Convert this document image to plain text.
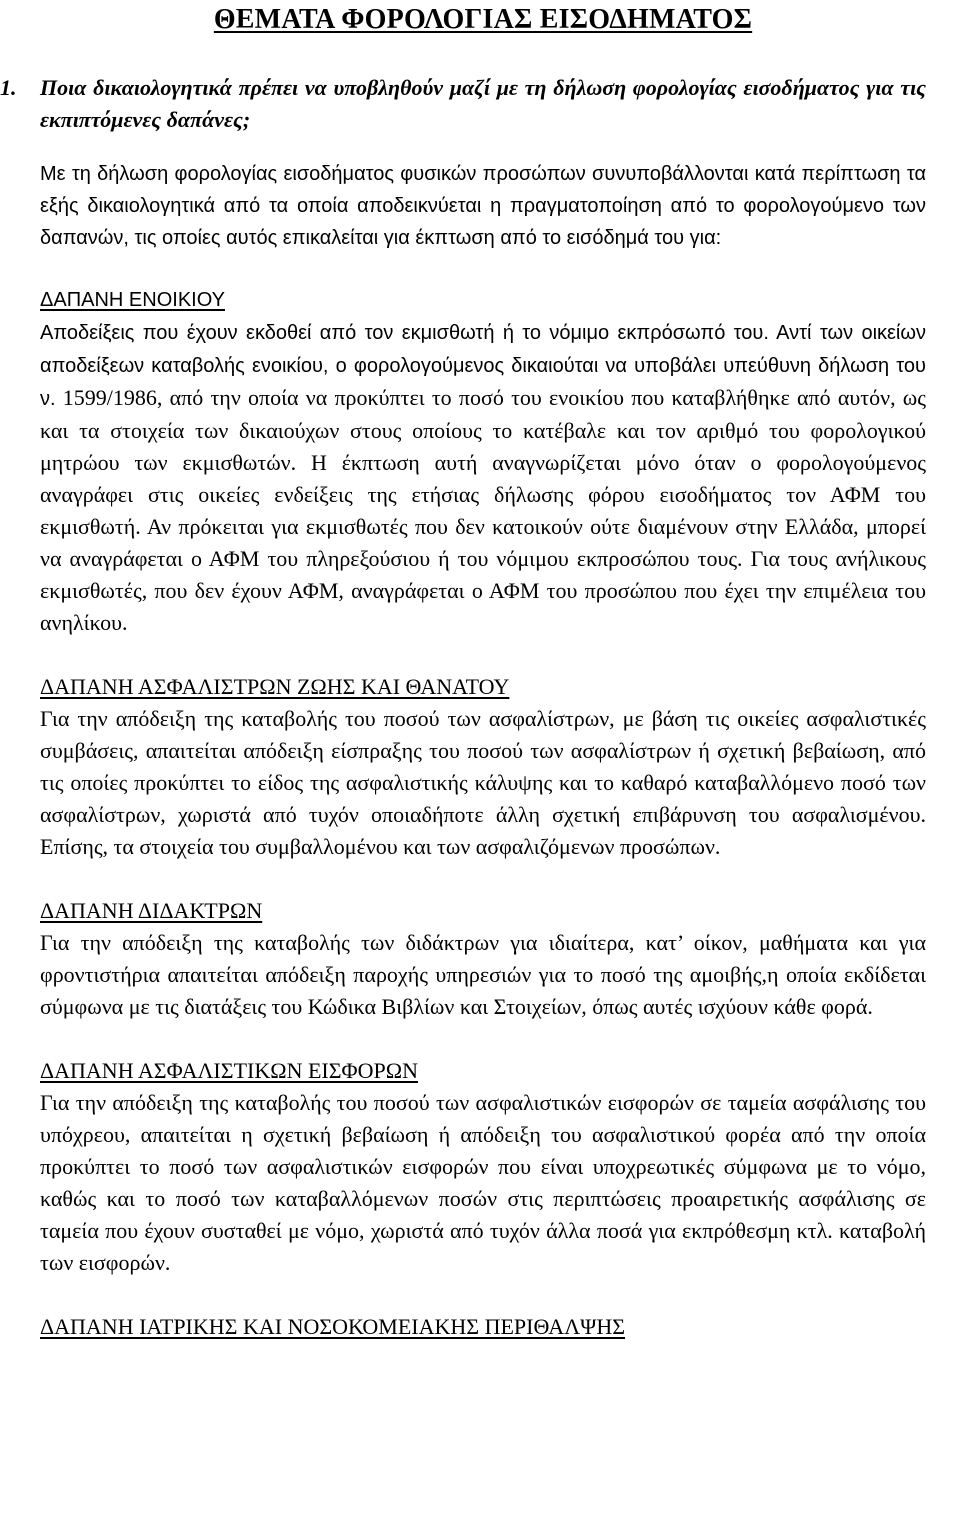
ΘΕΜΑΤΑ ΦΟΡΟΛΟΓΙΑΣ ΕΙΣΟΔΗΜΑΤΟΣ
1.	Ποια δικαιολογητικά πρέπει να υποβληθούν μαζί με τη δήλωση φορολογίας εισοδήματος για τις εκπιπτόμενες δαπάνες;

Με τη δήλωση φορολογίας εισοδήματος φυσικών προσώπων συνυποβάλλονται κατά περίπτωση τα εξής δικαιολογητικά από τα οποία αποδεικνύεται η πραγματοποίηση από το φορολογούμενο των δαπανών, τις οποίες αυτός επικαλείται για έκπτωση από το εισόδημά του για:

ΔΑΠΑΝΗ ΕΝΟΙΚΙΟΥ

Αποδείξεις που έχουν εκδοθεί από τον εκμισθωτή ή το νόμιμο εκπρόσωπό του. Αντί των οικείων αποδείξεων καταβολής ενοικίου, ο φορολογούμενος δικαιούται να υποβάλει υπεύθυνη δήλωση του ν. 1599/1986, από την οποία να προκύπτει το ποσό του ενοικίου που καταβλήθηκε από αυτόν, ως και τα στοιχεία των δικαιούχων στους οποίους το κατέβαλε και τον αριθμό του φορολογικού μητρώου των εκμισθωτών. Η έκπτωση αυτή αναγνωρίζεται μόνο όταν ο φορολογούμενος αναγράφει στις οικείες ενδείξεις της ετήσιας δήλωσης φόρου εισοδήματος τον ΑΦΜ του εκμισθωτή. Αν πρόκειται για εκμισθωτές που δεν κατοικούν ούτε διαμένουν στην Ελλάδα, μπορεί να αναγράφεται ο ΑΦΜ του πληρεξούσιου ή του νόμιμου εκπροσώπου τους. Για τους ανήλικους εκμισθωτές, που δεν έχουν ΑΦΜ, αναγράφεται ο ΑΦΜ του προσώπου που έχει την επιμέλεια του ανηλίκου.

ΔΑΠΑΝΗ ΑΣΦΑΛΙΣΤΡΩΝ ΖΩΗΣ ΚΑΙ ΘΑΝΑΤΟΥ

Για την απόδειξη της καταβολής του ποσού των ασφαλίστρων, με βάση τις οικείες ασφαλιστικές συμβάσεις, απαιτείται απόδειξη είσπραξης του ποσού των ασφαλίστρων ή σχετική βεβαίωση, από τις οποίες προκύπτει το είδος της ασφαλιστικής κάλυψης και το καθαρό καταβαλλόμενο ποσό των ασφαλίστρων, χωριστά από τυχόν οποιαδήποτε άλλη σχετική επιβάρυνση του ασφαλισμένου. Επίσης, τα στοιχεία του συμβαλλομένου και των ασφαλιζόμενων προσώπων.

ΔΑΠΑΝΗ ΔΙΔΑΚΤΡΩΝ

Για την απόδειξη της καταβολής των διδάκτρων για ιδιαίτερα, κατ’ οίκον, μαθήματα και για φροντιστήρια απαιτείται απόδειξη παροχής υπηρεσιών για το ποσό της αμοιβής,η οποία εκδίδεται σύμφωνα με τις διατάξεις του Κώδικα Βιβλίων και Στοιχείων, όπως αυτές ισχύουν κάθε φορά.

ΔΑΠΑΝΗ ΑΣΦΑΛΙΣΤΙΚΩΝ ΕΙΣΦΟΡΩΝ

Για την απόδειξη της καταβολής του ποσού των ασφαλιστικών εισφορών σε ταμεία ασφάλισης του υπόχρεου, απαιτείται η σχετική βεβαίωση ή απόδειξη του ασφαλιστικού φορέα από την οποία προκύπτει το ποσό των ασφαλιστικών εισφορών που είναι υποχρεωτικές σύμφωνα με το νόμο, καθώς και το ποσό των καταβαλλόμενων ποσών στις περιπτώσεις προαιρετικής ασφάλισης σε ταμεία που έχουν συσταθεί με νόμο, χωριστά από τυχόν άλλα ποσά για εκπρόθεσμη κτλ. καταβολή των εισφορών.

ΔΑΠΑΝΗ ΙΑΤΡΙΚΗΣ ΚΑΙ ΝΟΣΟΚΟΜΕΙΑΚΗΣ ΠΕΡΙΘΑΛΨΗΣ
